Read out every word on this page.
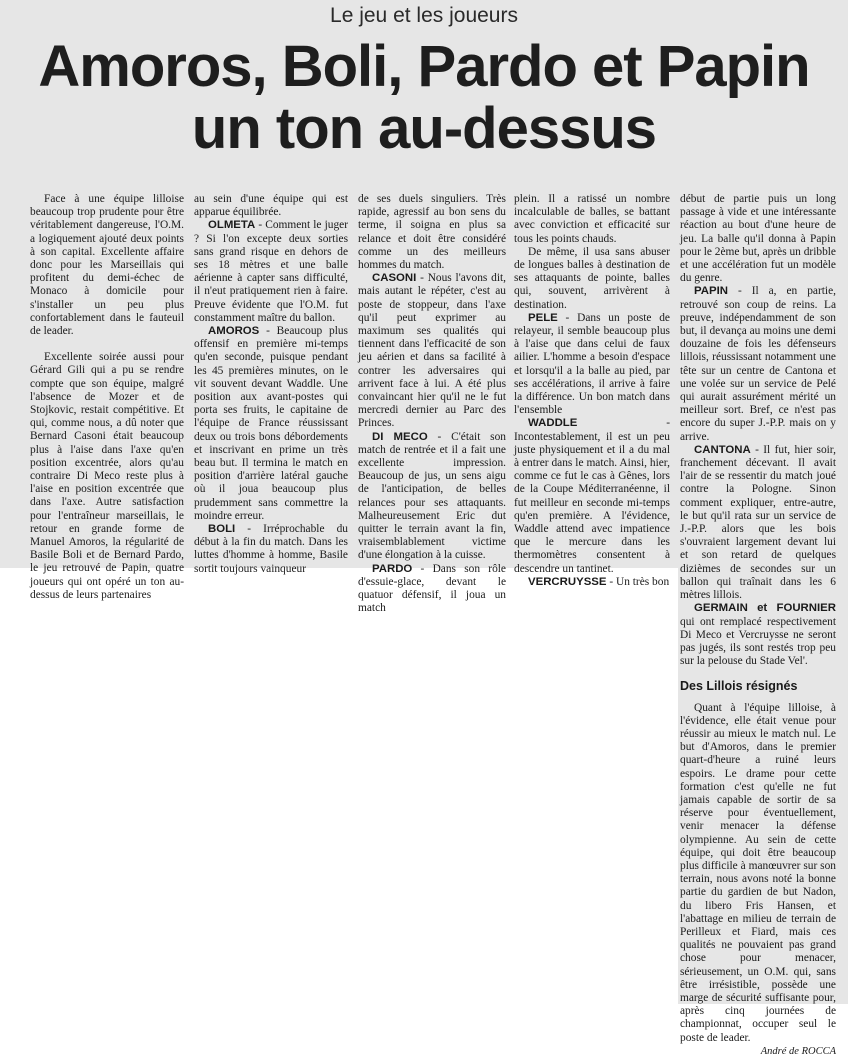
Le jeu et les joueurs
Amoros, Boli, Pardo et Papin
un ton au-dessus

Face à une équipe lilloise beaucoup trop prudente pour être véritablement dangereuse, l'O.M. a logiquement ajouté deux points à son capital. Excellente affaire donc pour les Marseillais qui profitent du demi-échec de Monaco à domicile pour s'installer un peu plus confortablement dans le fauteuil de leader.

Excellente soirée aussi pour Gérard Gili qui a pu se rendre compte que son équipe, malgré l'absence de Mozer et de Stojkovic, restait compétitive. Et qui, comme nous, a dû noter que Bernard Casoni était beaucoup plus à l'aise dans l'axe qu'en position excentrée, alors qu'au contraire Di Meco reste plus à l'aise en position excentrée que dans l'axe. Autre satisfaction pour l'entraîneur marseillais, le retour en grande forme de Manuel Amoros, la régularité de Basile Boli et de Bernard Pardo, le jeu retrouvé de Papin, quatre joueurs qui ont opéré un ton au-dessus de leurs partenaires

au sein d'une équipe qui est apparue équilibrée.

OLMETA - Comment le juger ? Si l'on excepte deux sorties sans grand risque en dehors de ses 18 mètres et une balle aérienne à capter sans difficulté, il n'eut pratiquement rien à faire. Preuve évidente que l'O.M. fut constamment maître du ballon.

AMOROS - Beaucoup plus offensif en première mi-temps qu'en seconde, puisque pendant les 45 premières minutes, on le vit souvent devant Waddle. Une position aux avant-postes qui porta ses fruits, le capitaine de l'équipe de France réussissant deux ou trois bons débordements et inscrivant en prime un très beau but. Il termina le match en position d'arrière latéral gauche où il joua beaucoup plus prudemment sans commettre la moindre erreur.

BOLI - Irréprochable du début à la fin du match. Dans les luttes d'homme à homme, Basile sortit toujours vainqueur

de ses duels singuliers. Très rapide, agressif au bon sens du terme, il soigna en plus sa relance et doit être considéré comme un des meilleurs hommes du match.

CASONI - Nous l'avons dit, mais autant le répéter, c'est au poste de stoppeur, dans l'axe qu'il peut exprimer au maximum ses qualités qui tiennent dans l'efficacité de son jeu aérien et dans sa facilité à contrer les adversaires qui arrivent face à lui. A été plus convaincant hier qu'il ne le fut mercredi dernier au Parc des Princes.

DI MECO - C'était son match de rentrée et il a fait une excellente impression. Beaucoup de jus, un sens aigu de l'anticipation, de belles relances pour ses attaquants. Malheureusement Eric dut quitter le terrain avant la fin, vraisemblablement victime d'une élongation à la cuisse.

PARDO - Dans son rôle d'essuie-glace, devant le quatuor défensif, il joua un match

plein. Il a ratissé un nombre incalculable de balles, se battant avec conviction et efficacité sur tous les points chauds.

De même, il usa sans abuser de longues balles à destination de ses attaquants de pointe, balles qui, souvent, arrivèrent à destination.

PELE - Dans un poste de relayeur, il semble beaucoup plus à l'aise que dans celui de faux ailier. L'homme a besoin d'espace et lorsqu'il a la balle au pied, par ses accélérations, il arrive à faire la différence. Un bon match dans l'ensemble

WADDLE - Incontestablement, il est un peu juste physiquement et il a du mal à entrer dans le match. Ainsi, hier, comme ce fut le cas à Gênes, lors de la Coupe Méditerranéenne, il fut meilleur en seconde mi-temps qu'en première. A l'évidence, Waddle attend avec impatience que le mercure dans les thermomètres consentent à descendre un tantinet.

VERCRUYSSE - Un très bon

début de partie puis un long passage à vide et une intéressante réaction au bout d'une heure de jeu. La balle qu'il donna à Papin pour le 2ème but, après un dribble et une accélération fut un modèle du genre.

PAPIN - Il a, en partie, retrouvé son coup de reins. La preuve, indépendamment de son but, il devança au moins une demi douzaine de fois les défenseurs lillois, réussissant notamment une tête sur un centre de Cantona et une volée sur un service de Pelé qui aurait assurément mérité un meilleur sort. Bref, ce n'est pas encore du super J.-P.P. mais on y arrive.

CANTONA - Il fut, hier soir, franchement décevant. Il avait l'air de se ressentir du match joué contre la Pologne. Sinon comment expliquer, entre-autre, le but qu'il rata sur un service de J.-P.P. alors que les bois s'ouvraient largement devant lui et son retard de quelques dizièmes de secondes sur un ballon qui traînait dans les 6 mètres lillois.

GERMAIN et FOURNIER qui ont remplacé respectivement Di Meco et Vercruysse ne seront pas jugés, ils sont restés trop peu sur la pelouse du Stade Vel'.

Des Lillois résignés

Quant à l'équipe lilloise, à l'évidence, elle était venue pour réussir au mieux le match nul. Le but d'Amoros, dans le premier quart-d'heure a ruiné leurs espoirs. Le drame pour cette formation c'est qu'elle ne fut jamais capable de sortir de sa réserve pour éventuellement, venir menacer la défense olympienne. Au sein de cette équipe, qui doit être beaucoup plus difficile à manœuvrer sur son terrain, nous avons noté la bonne partie du gardien de but Nadon, du libero Fris Hansen, et l'abattage en milieu de terrain de Perilleux et Fiard, mais ces qualités ne pouvaient pas grand chose pour menacer, sérieusement, un O.M. qui, sans être irrésistible, possède une marge de sécurité suffisante pour, après cinq journées de championnat, occuper seul le poste de leader.

André de ROCCA
